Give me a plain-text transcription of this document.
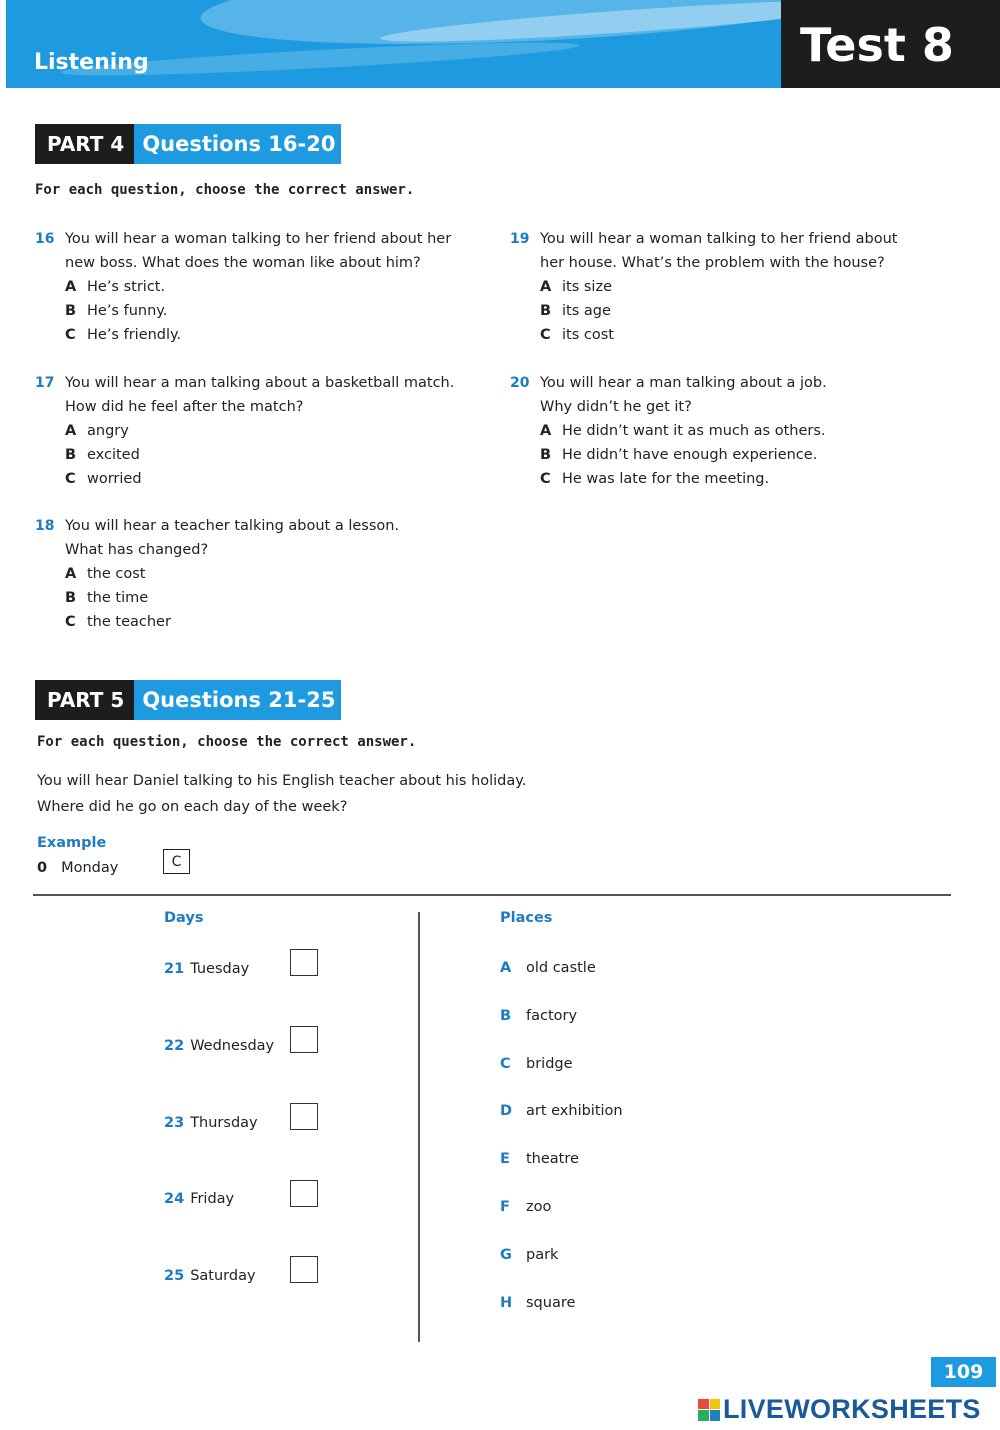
Listening	Test 8
PART 4 Questions 16-20
For each question, choose the correct answer.
16 You will hear a woman talking to her friend about her new boss. What does the woman like about him?
A He’s strict.
B He’s funny.
C He’s friendly.
17 You will hear a man talking about a basketball match. How did he feel after the match?
A angry
B excited
C worried
18 You will hear a teacher talking about a lesson. What has changed?
A the cost
B the time
C the teacher
19 You will hear a woman talking to her friend about her house. What’s the problem with the house?
A its size
B its age
C its cost
20 You will hear a man talking about a job. Why didn’t he get it?
A He didn’t want it as much as others.
B He didn’t have enough experience.
C He was late for the meeting.
PART 5 Questions 21-25
For each question, choose the correct answer.
You will hear Daniel talking to his English teacher about his holiday.
Where did he go on each day of the week?
Example
0 Monday	C
Days	Places
21 Tuesday
22 Wednesday
23 Thursday
24 Friday
25 Saturday
A old castle
B factory
C bridge
D art exhibition
E theatre
F zoo
G park
H square
109
LIVEWORKSHEETS
